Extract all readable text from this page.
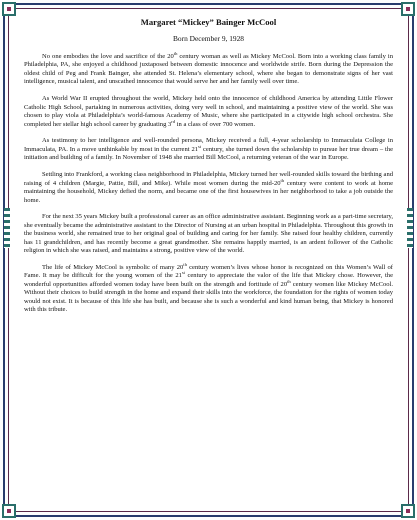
Margaret “Mickey” Bainger McCool
Born December 9, 1928

No one embodies the love and sacrifice of the 20th century woman as well as Mickey McCool. Born into a working class family in Philadelphia, PA, she enjoyed a childhood juxtaposed between domestic innocence and worldwide strife. Born during the Depression the oldest child of Peg and Frank Bainger, she attended St. Helena’s elementary school, where she began to demonstrate signs of her vast intelligence, musical talent, and unscathed innocence that would serve her and her family well over time.

As World War II erupted throughout the world, Mickey held onto the innocence of childhood America by attending Little Flower Catholic High School, partaking in numerous activities, doing very well in school, and maintaining a positive view of the world. She was chosen to play viola at Philadelphia’s world-famous Academy of Music, where she participated in a citywide high school orchestra. She completed her stellar high school career by graduating 3rd in a class of over 700 women.

As testimony to her intelligence and well-rounded persona, Mickey received a full, 4-year scholarship to Immaculata College in Immaculata, PA. In a move unthinkable by most in the current 21st century, she turned down the scholarship to pursue her true dream – the initiation and building of a family. In November of 1948 she married Bill McCool, a returning veteran of the war in Europe.

Settling into Frankford, a working class neighborhood in Philadelphia, Mickey turned her well-rounded skills toward the birthing and raising of 4 children (Margie, Pattie, Bill, and Mike). While most women during the mid-20th century were content to work at home maintaining the household, Mickey defied the norm, and became one of the first housewives in her neighborhood to take a job outside the home.

For the next 35 years Mickey built a professional career as an office administrative assistant. Beginning work as a part-time secretary, she eventually became the administrative assistant to the Director of Nursing at an urban hospital in Philadelphia. Throughout this growth in the business world, she remained true to her original goal of building and caring for her family. She raised four healthy children, currently has 11 grandchildren, and has recently become a great grandmother. She remains happily married, is an ardent follower of the Catholic religion in which she was raised, and maintains a strong, positive view of the world.

The life of Mickey McCool is symbolic of many 20th century women’s lives whose honor is recognized on this Women’s Wall of Fame. It may be difficult for the young women of the 21st century to appreciate the valor of the life that Mickey chose. However, the wonderful opportunities afforded women today have been built on the strength and fortitude of 20th century women like Mickey McCool. Without their choices to build strength in the home and expand their skills into the workforce, the foundation for the rights of women today would not exist. It is because of this life she has built, and because she is such a wonderful and kind human being, that Mickey is honored with this tribute.
